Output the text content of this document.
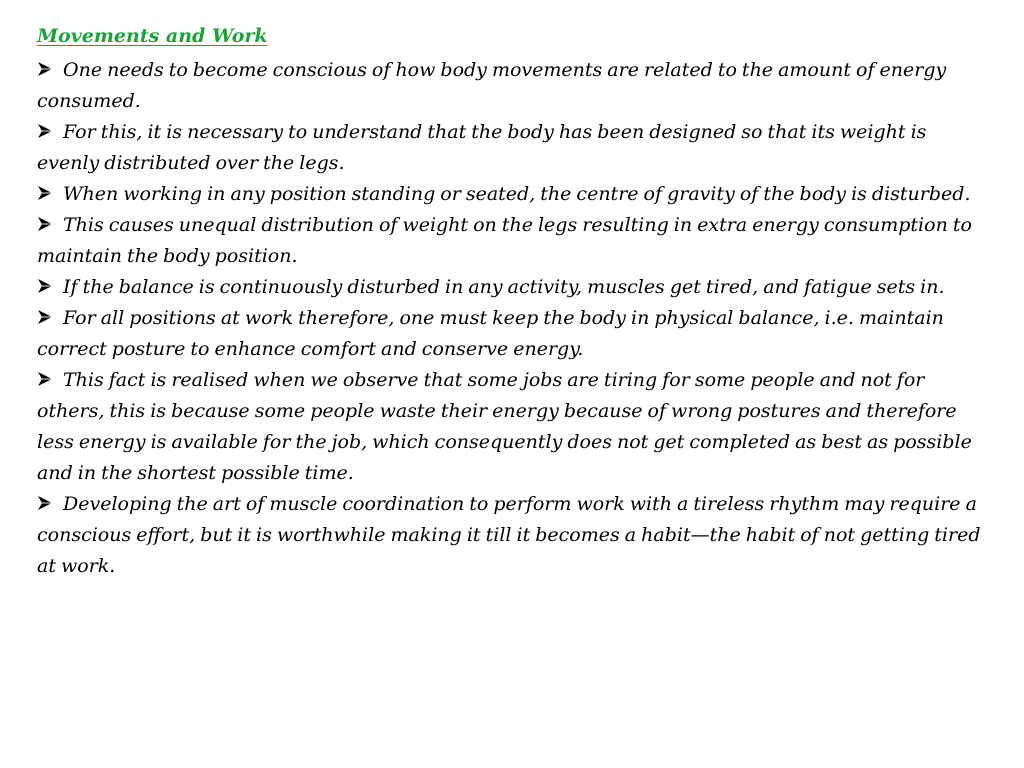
Movements and Work
One needs to become conscious of how body movements are related to the amount of energy consumed.
For this, it is necessary to understand that the body has been designed so that its weight is evenly distributed over the legs.
When working in any position standing or seated, the centre of gravity of the body is disturbed.
This causes unequal distribution of weight on the legs resulting in extra energy consumption to maintain the body position.
If the balance is continuously disturbed in any activity, muscles get tired, and fatigue sets in.
For all positions at work therefore, one must keep the body in physical balance, i.e. maintain correct posture to enhance comfort and conserve energy.
This fact is realised when we observe that some jobs are tiring for some people and not for others, this is because some people waste their energy because of wrong postures and therefore less energy is available for the job, which consequently does not get completed as best as possible and in the shortest possible time.
Developing the art of muscle coordination to perform work with a tireless rhythm may require a conscious effort, but it is worthwhile making it till it becomes a habit—the habit of not getting tired at work.
